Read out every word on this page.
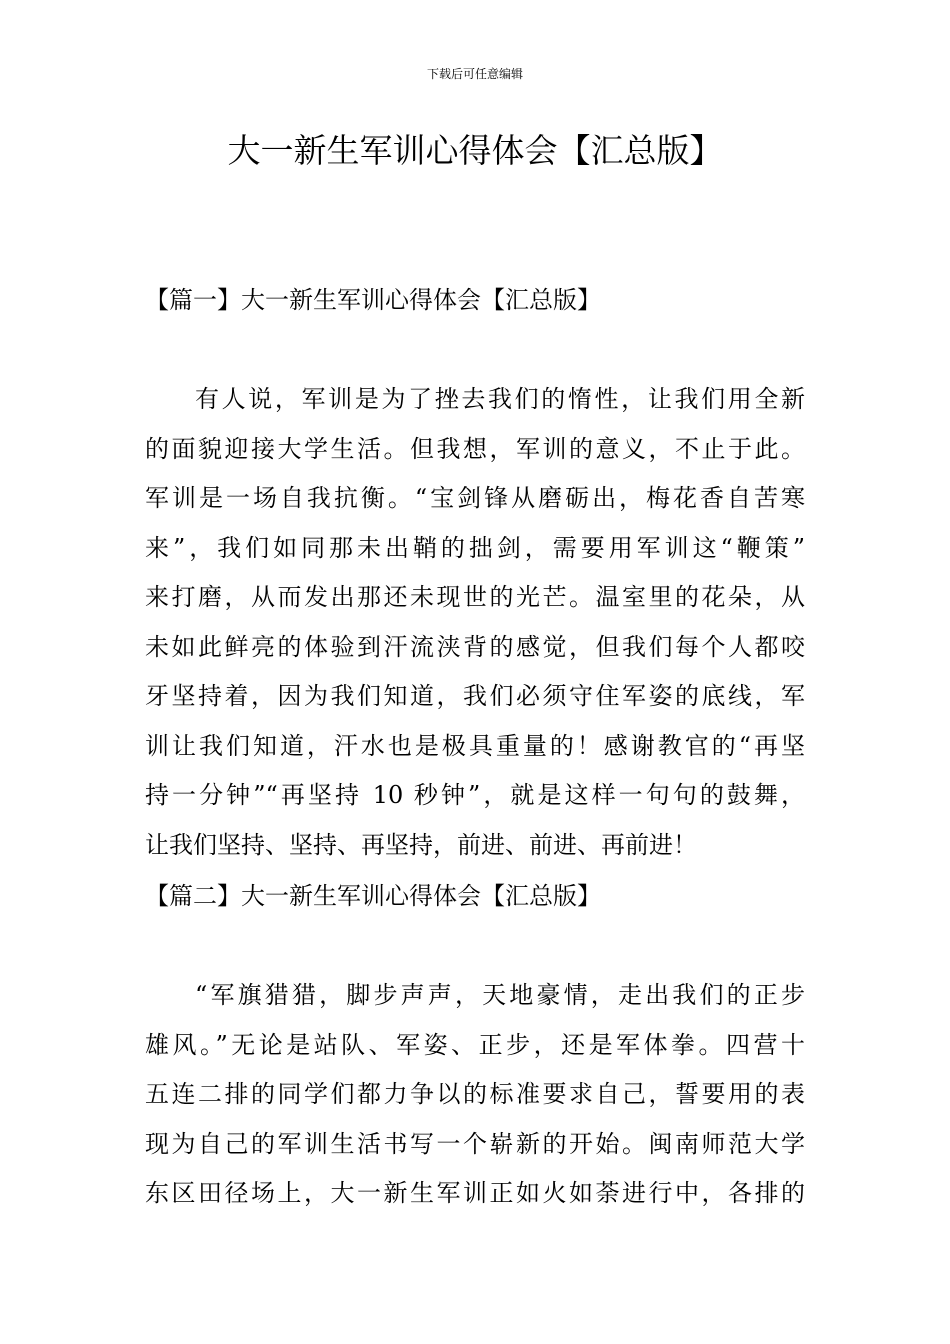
下载后可任意编辑
大一新生军训心得体会【汇总版】
【篇一】大一新生军训心得体会【汇总版】

有人说，军训是为了挫去我们的惰性，让我们用全新
的面貌迎接大学生活。但我想，军训的意义，不止于此。
军训是一场自我抗衡。“宝剑锋从磨砺出，梅花香自苦寒
来”，我们如同那未出鞘的拙剑，需要用军训这“鞭策”
来打磨，从而发出那还未现世的光芒。温室里的花朵，从
未如此鲜亮的体验到汗流浃背的感觉，但我们每个人都咬
牙坚持着，因为我们知道，我们必须守住军姿的底线，军
训让我们知道，汗水也是极具重量的！感谢教官的“再坚
持一分钟”“再坚持 10 秒钟”，就是这样一句句的鼓舞，
让我们坚持、坚持、再坚持，前进、前进、再前进！

【篇二】大一新生军训心得体会【汇总版】

“军旗猎猎，脚步声声，天地豪情，走出我们的正步
雄风。”无论是站队、军姿、正步，还是军体拳。四营十
五连二排的同学们都力争以的标准要求自己，誓要用的表
现为自己的军训生活书写一个崭新的开始。闽南师范大学
东区田径场上，大一新生军训正如火如荼进行中，各排的
